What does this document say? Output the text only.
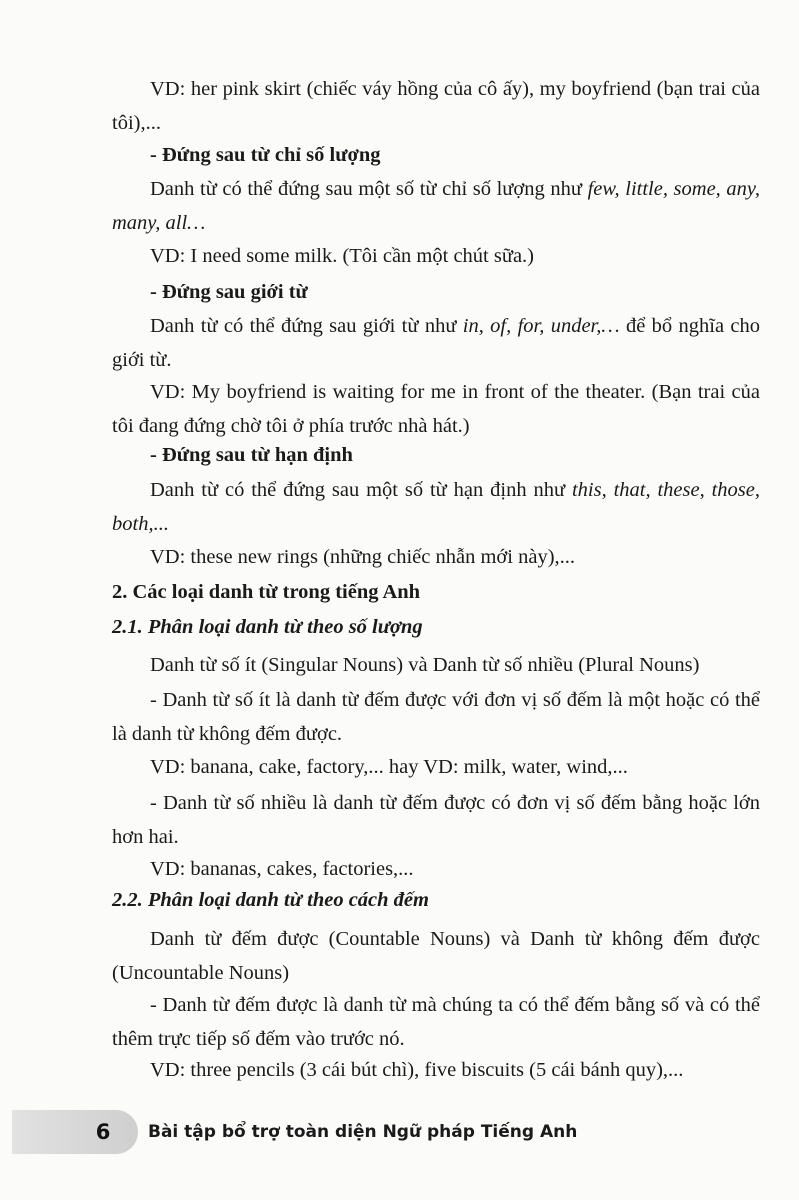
VD: her pink skirt (chiếc váy hồng của cô ấy), my boyfriend (bạn trai của tôi),...

- Đứng sau từ chỉ số lượng

Danh từ có thể đứng sau một số từ chỉ số lượng như few, little, some, any, many, all…

VD: I need some milk. (Tôi cần một chút sữa.)

- Đứng sau giới từ

Danh từ có thể đứng sau giới từ như in, of, for, under,… để bổ nghĩa cho giới từ.

VD: My boyfriend is waiting for me in front of the theater. (Bạn trai của tôi đang đứng chờ tôi ở phía trước nhà hát.)

- Đứng sau từ hạn định

Danh từ có thể đứng sau một số từ hạn định như this, that, these, those, both,...

VD: these new rings (những chiếc nhẫn mới này),...

2. Các loại danh từ trong tiếng Anh

2.1. Phân loại danh từ theo số lượng

Danh từ số ít (Singular Nouns) và Danh từ số nhiều (Plural Nouns)

- Danh từ số ít là danh từ đếm được với đơn vị số đếm là một hoặc có thể là danh từ không đếm được.

VD: banana, cake, factory,... hay VD: milk, water, wind,...

- Danh từ số nhiều là danh từ đếm được có đơn vị số đếm bằng hoặc lớn hơn hai.

VD: bananas, cakes, factories,...

2.2. Phân loại danh từ theo cách đếm

Danh từ đếm được (Countable Nouns) và Danh từ không đếm được (Uncountable Nouns)

- Danh từ đếm được là danh từ mà chúng ta có thể đếm bằng số và có thể thêm trực tiếp số đếm vào trước nó.

VD: three pencils (3 cái bút chì), five biscuits (5 cái bánh quy),...

6	Bài tập bổ trợ toàn diện Ngữ pháp Tiếng Anh
